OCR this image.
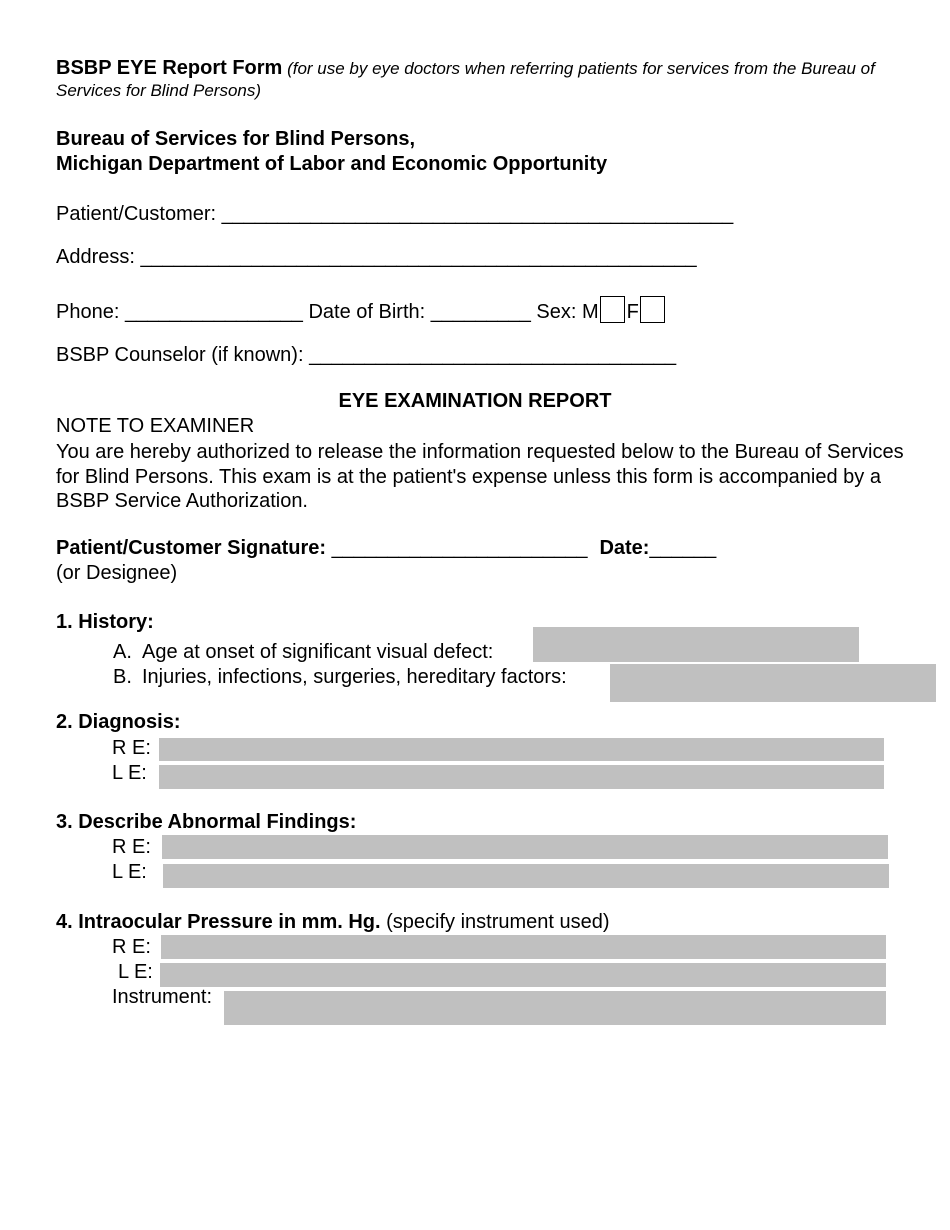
BSBP EYE Report Form (for use by eye doctors when referring patients for services from the Bureau of Services for Blind Persons)
Bureau of Services for Blind Persons,
Michigan Department of Labor and Economic Opportunity
Patient/Customer: ______________________________________________
Address: __________________________________________________
Phone: ________________ Date of Birth: _________ Sex: M F
BSBP Counselor (if known): _________________________________
EYE EXAMINATION REPORT
NOTE TO EXAMINER
You are hereby authorized to release the information requested below to the Bureau of Services for Blind Persons. This exam is at the patient's expense unless this form is accompanied by a BSBP Service Authorization.
Patient/Customer Signature: _______________________ Date:______
(or Designee)
1. History:
A. Age at onset of significant visual defect:
B. Injuries, infections, surgeries, hereditary factors:
2. Diagnosis:
R E:
L E:
3. Describe Abnormal Findings:
R E:
L E:
4. Intraocular Pressure in mm. Hg. (specify instrument used)
R E:
L E:
Instrument:
